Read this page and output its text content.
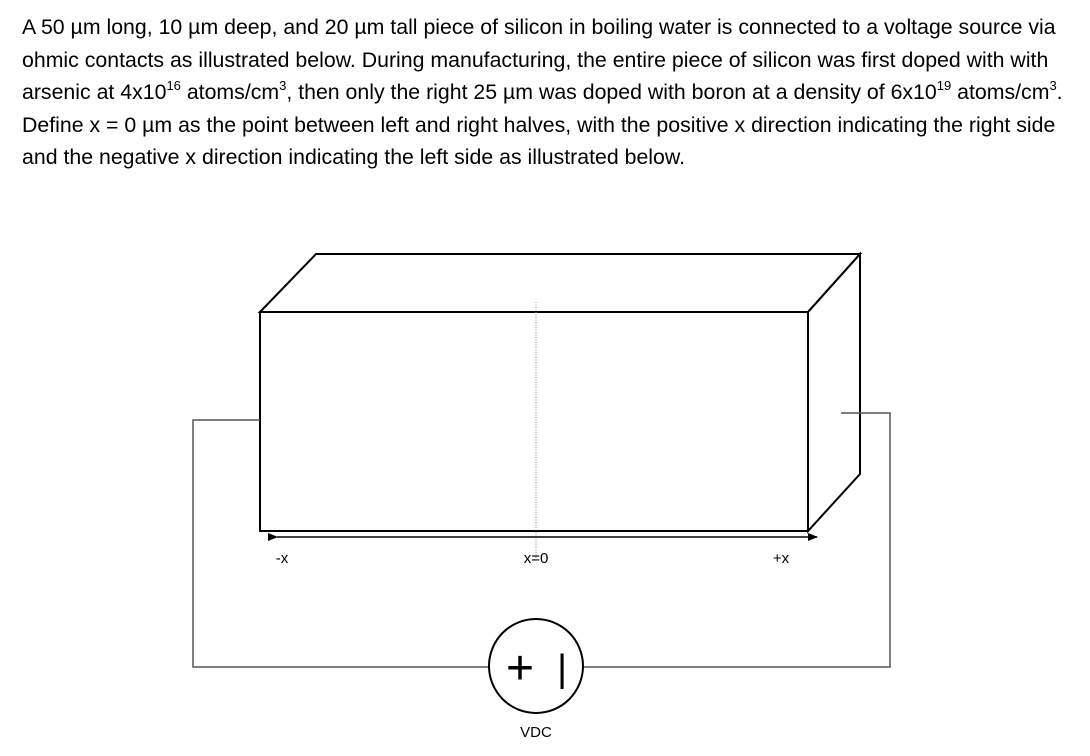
A 50 µm long, 10 µm deep, and 20 µm tall piece of silicon in boiling water is connected to a voltage source via ohmic contacts as illustrated below. During manufacturing, the entire piece of silicon was first doped with with arsenic at $4x10^{16}$ atoms/$cm^3$, then only the right 25 µm was doped with boron at a density of $6x10^{19}$ atoms/$cm^3$. Define x = 0 µm as the point between left and right halves, with the positive x direction indicating the right side and the negative x direction indicating the left side as illustrated below.

-x	x=0	+x
+ |
VDC
